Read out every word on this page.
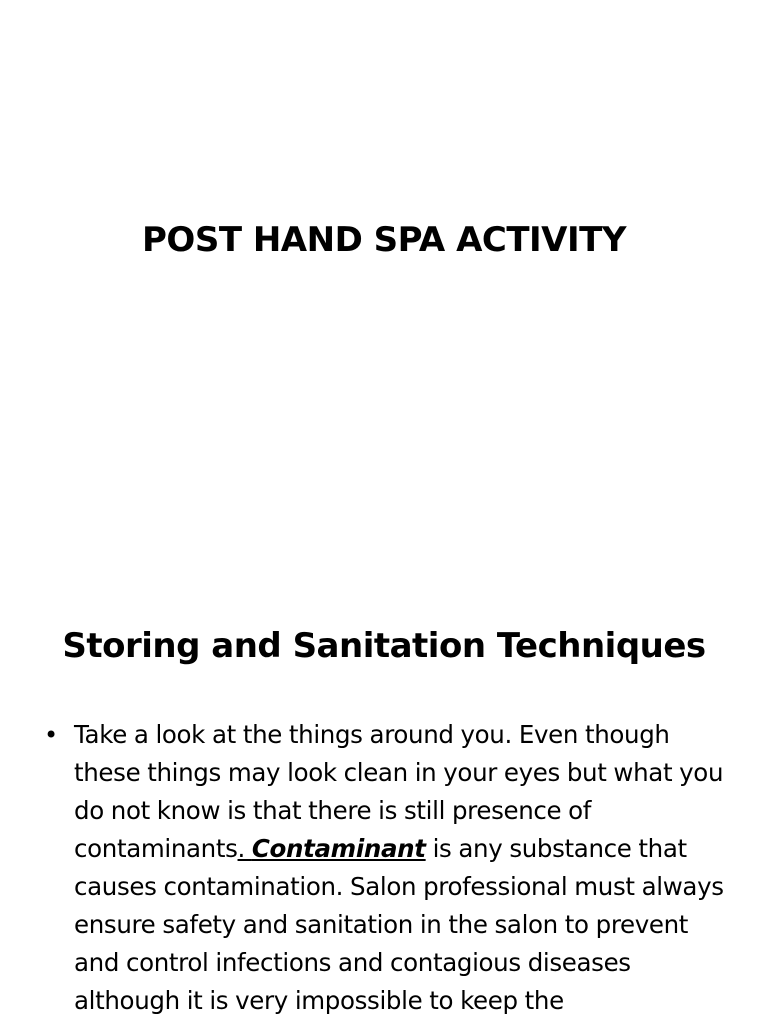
POST HAND SPA ACTIVITY
Storing and Sanitation Techniques
• Take a look at the things around you. Even though these things may look clean in your eyes but what you do not know is that there is still presence of contaminants. Contaminant is any substance that causes contamination. Salon professional must always ensure safety and sanitation in the salon to prevent and control infections and contagious diseases although it is very impossible to keep the
